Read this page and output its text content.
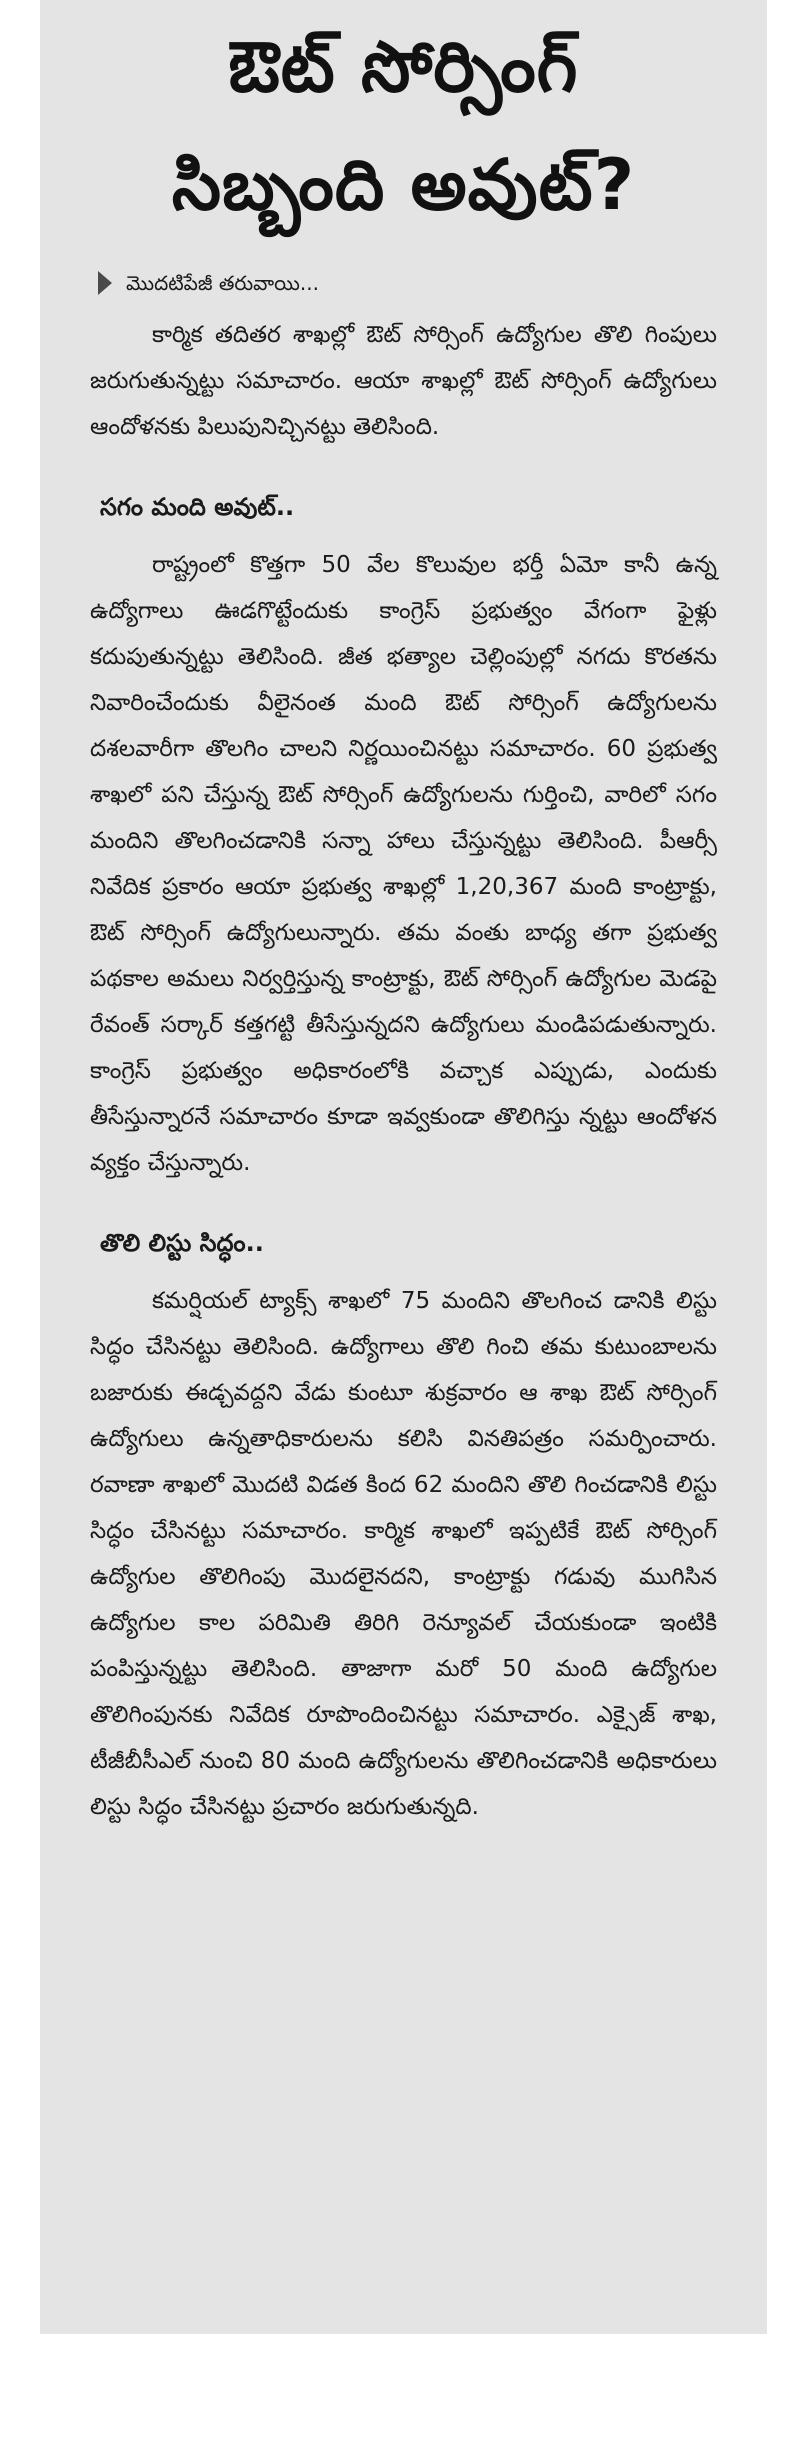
ఔట్ సోర్సింగ్
సిబ్బంది అవుట్?
మొదటిపేజీ తరువాయి...

కార్మిక తదితర శాఖల్లో ఔట్ సోర్సింగ్ ఉద్యోగుల తొలి గింపులు జరుగుతున్నట్టు సమాచారం. ఆయా శాఖల్లో ఔట్ సోర్సింగ్ ఉద్యోగులు ఆందోళనకు పిలుపునిచ్చినట్టు తెలిసింది.

సగం మంది అవుట్..

రాష్ట్రంలో కొత్తగా 50 వేల కొలువుల భర్తీ ఏమో కానీ ఉన్న ఉద్యోగాలు ఊడగొట్టేందుకు కాంగ్రెస్ ప్రభుత్వం వేగంగా ఫైళ్లు కదుపుతున్నట్టు తెలిసింది. జీత భత్యాల చెల్లింపుల్లో నగదు కొరతను నివారించేందుకు వీలైనంత మంది ఔట్ సోర్సింగ్ ఉద్యోగులను దశలవారీగా తొలగిం చాలని నిర్ణయించినట్టు సమాచారం. 60 ప్రభుత్వ శాఖలో పని చేస్తున్న ఔట్ సోర్సింగ్ ఉద్యోగులను గుర్తించి, వారిలో సగం మందిని తొలగించడానికి సన్నా హాలు చేస్తున్నట్టు తెలిసింది. పీఆర్సీ నివేదిక ప్రకారం ఆయా ప్రభుత్వ శాఖల్లో 1,20,367 మంది కాంట్రాక్టు, ఔట్ సోర్సింగ్ ఉద్యోగులున్నారు. తమ వంతు బాధ్య తగా ప్రభుత్వ పథకాల అమలు నిర్వర్తిస్తున్న కాంట్రాక్టు, ఔట్ సోర్సింగ్ ఉద్యోగుల మెడపై రేవంత్ సర్కార్ కత్తగట్టి తీసేస్తున్నదని ఉద్యోగులు మండిపడుతున్నారు. కాంగ్రెస్ ప్రభుత్వం అధికారంలోకి వచ్చాక ఎప్పుడు, ఎందుకు తీసేస్తున్నారనే సమాచారం కూడా ఇవ్వకుండా తొలిగిస్తు న్నట్టు ఆందోళన వ్యక్తం చేస్తున్నారు.

తొలి లిస్టు సిద్ధం..

కమర్షియల్ ట్యాక్స్ శాఖలో 75 మందిని తొలగించ డానికి లిస్టు సిద్ధం చేసినట్టు తెలిసింది. ఉద్యోగాలు తొలి గించి తమ కుటుంబాలను బజారుకు ఈడ్చవద్దని వేడు కుంటూ శుక్రవారం ఆ శాఖ ఔట్ సోర్సింగ్ ఉద్యోగులు ఉన్నతాధికారులను కలిసి వినతిపత్రం సమర్పించారు. రవాణా శాఖలో మొదటి విడత కింద 62 మందిని తొలి గించడానికి లిస్టు సిద్ధం చేసినట్టు సమాచారం. కార్మిక శాఖలో ఇప్పటికే ఔట్ సోర్సింగ్ ఉద్యోగుల తొలిగింపు మొదలైనదని, కాంట్రాక్టు గడువు ముగిసిన ఉద్యోగుల కాల పరిమితి తిరిగి రెన్యూవల్ చేయకుండా ఇంటికి పంపిస్తున్నట్టు తెలిసింది. తాజాగా మరో 50 మంది ఉద్యోగుల తొలిగింపునకు నివేదిక రూపొందించినట్టు సమాచారం. ఎక్సైజ్ శాఖ, టీజీబీసీఎల్ నుంచి 80 మంది ఉద్యోగులను తొలిగించడానికి అధికారులు లిస్టు సిద్ధం చేసినట్టు ప్రచారం జరుగుతున్నది.
